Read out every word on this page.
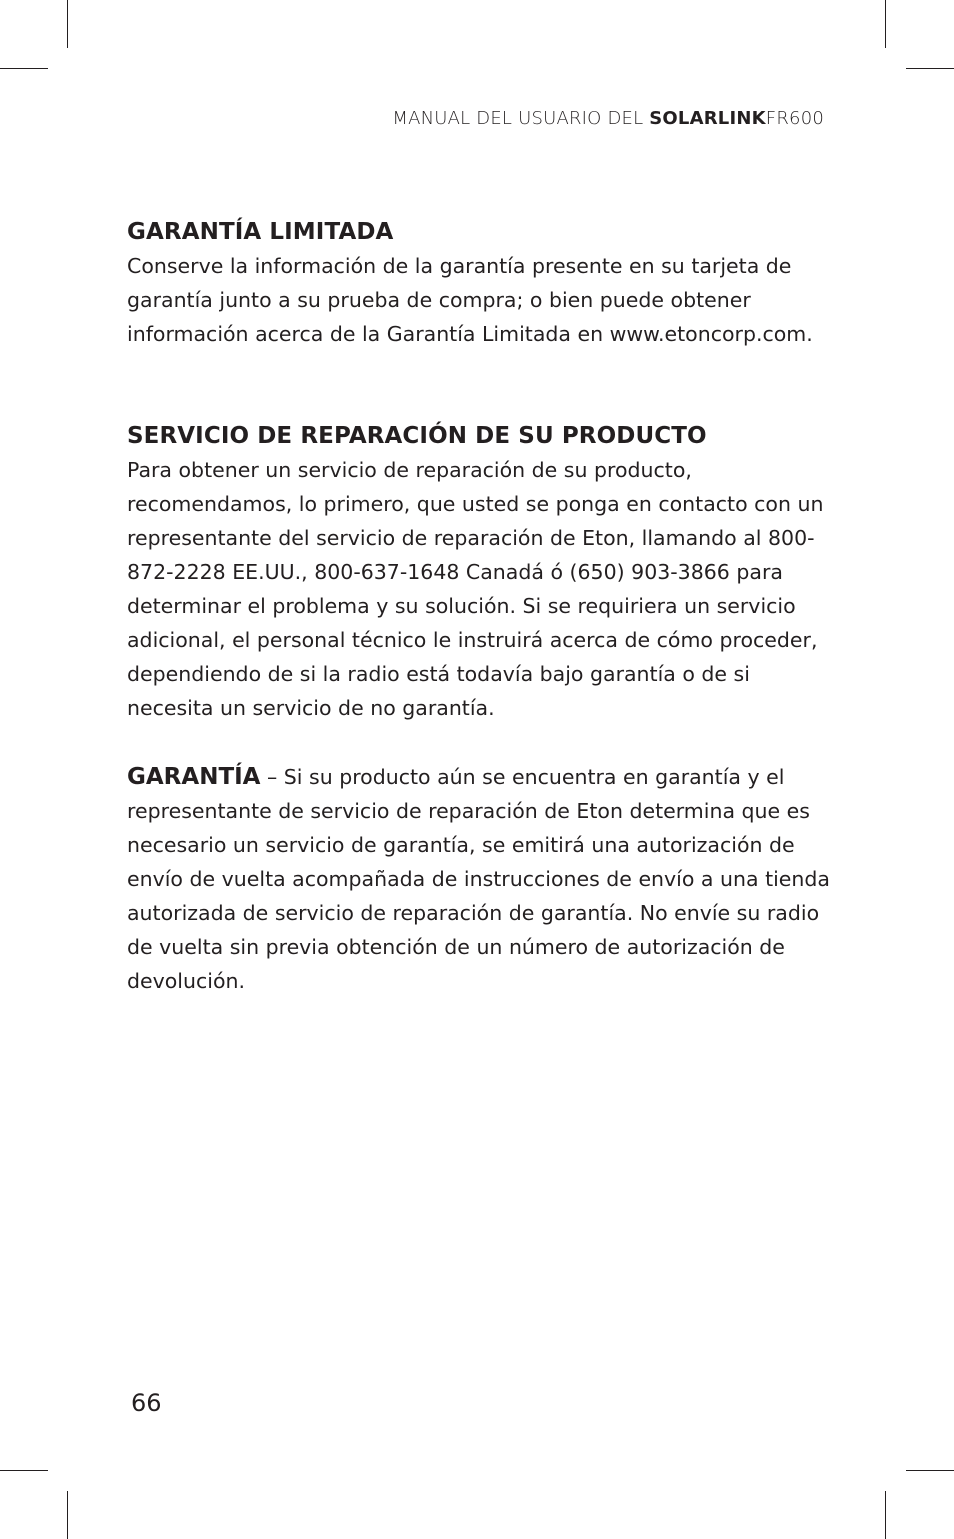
MANUAL DEL USUARIO DEL SOLARLINKFR600
GARANTÍA LIMITADA

Conserve la información de la garantía presente en su tarjeta de garantía junto a su prueba de compra; o bien puede obtener información acerca de la Garantía Limitada en www.etoncorp.com.

SERVICIO DE REPARACIÓN DE SU PRODUCTO

Para obtener un servicio de reparación de su producto, recomendamos, lo primero, que usted se ponga en contacto con un representante del servicio de reparación de Eton, llamando al 800-872-2228 EE.UU., 800-637-1648 Canadá ó (650) 903-3866 para determinar el problema y su solución. Si se requiriera un servicio adicional, el personal técnico le instruirá acerca de cómo proceder, dependiendo de si la radio está todavía bajo garantía o de si necesita un servicio de no garantía.

GARANTÍA – Si su producto aún se encuentra en garantía y el representante de servicio de reparación de Eton determina que es necesario un servicio de garantía, se emitirá una autorización de envío de vuelta acompañada de instrucciones de envío a una tienda autorizada de servicio de reparación de garantía. No envíe su radio de vuelta sin previa obtención de un número de autorización de devolución.

66
